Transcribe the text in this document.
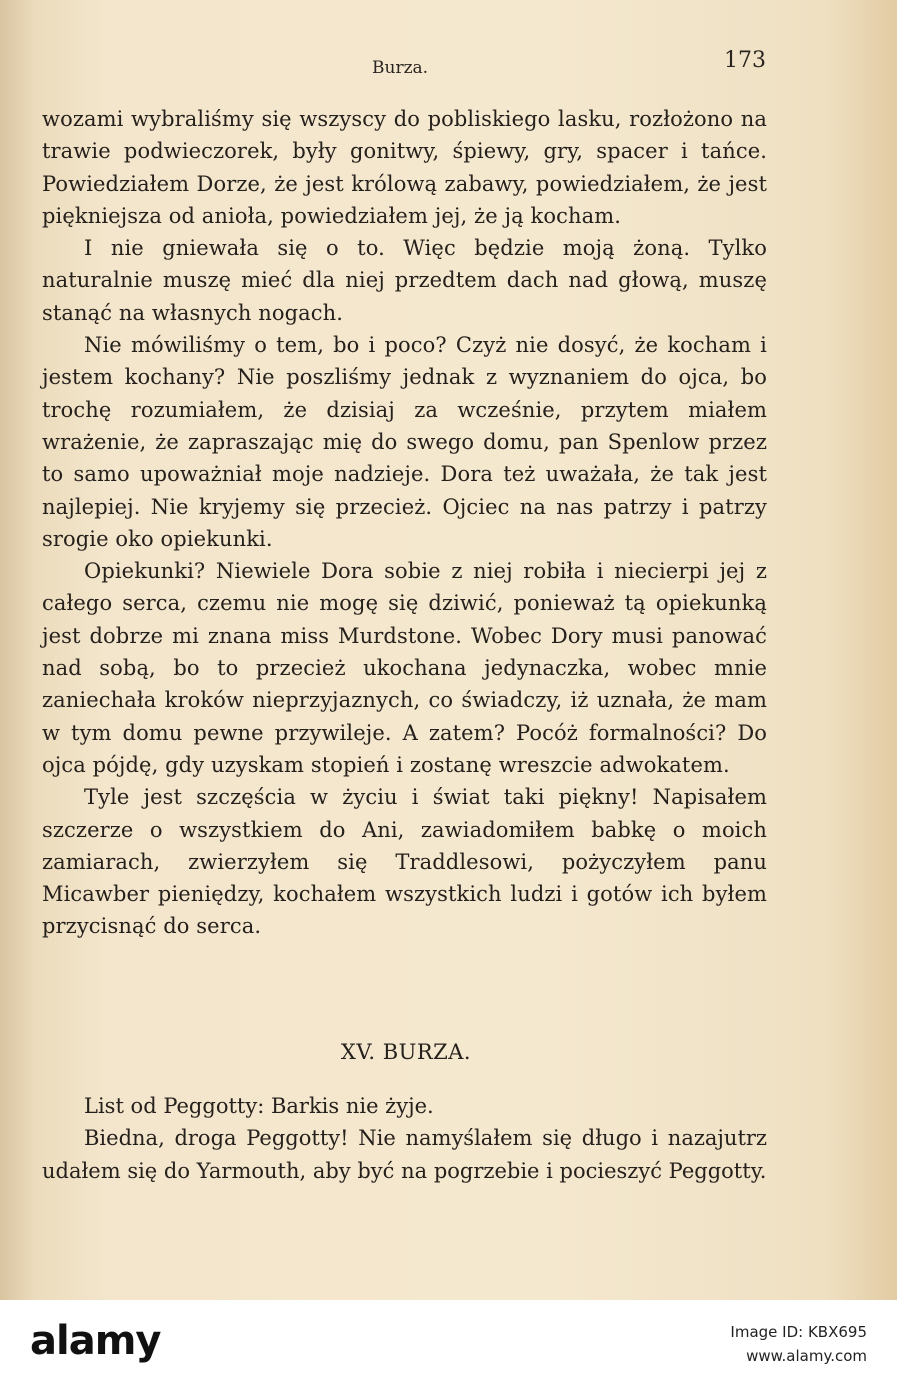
Burza.	173

wozami wybraliśmy się wszyscy do pobliskiego lasku, rozłożono na trawie podwieczorek, były gonitwy, śpiewy, gry, spacer i tańce. Powiedziałem Dorze, że jest królową zabawy, powiedziałem, że jest piękniejsza od anioła, powiedziałem jej, że ją kocham.

I nie gniewała się o to. Więc będzie moją żoną. Tylko naturalnie muszę mieć dla niej przedtem dach nad głową, muszę stanąć na własnych nogach.

Nie mówiliśmy o tem, bo i poco? Czyż nie dosyć, że kocham i jestem kochany? Nie poszliśmy jednak z wyznaniem do ojca, bo trochę rozumiałem, że dzisiaj za wcześnie, przytem miałem wrażenie, że zapraszając mię do swego domu, pan Spenlow przez to samo upoważniał moje nadzieje. Dora też uważała, że tak jest najlepiej. Nie kryjemy się przecież. Ojciec na nas patrzy i patrzy srogie oko opiekunki.

Opiekunki? Niewiele Dora sobie z niej robiła i niecierpi jej z całego serca, czemu nie mogę się dziwić, ponieważ tą opiekunką jest dobrze mi znana miss Murdstone. Wobec Dory musi panować nad sobą, bo to przecież ukochana jedynaczka, wobec mnie zaniechała kroków nieprzyjaznych, co świadczy, iż uznała, że mam w tym domu pewne przywileje. A zatem? Pocóż formalności? Do ojca pójdę, gdy uzyskam stopień i zostanę wreszcie adwokatem.

Tyle jest szczęścia w życiu i świat taki piękny! Napisałem szczerze o wszystkiem do Ani, zawiadomiłem babkę o moich zamiarach, zwierzyłem się Traddlesowi, pożyczyłem panu Micawber pieniędzy, kochałem wszystkich ludzi i gotów ich byłem przycisnąć do serca.

XV. BURZA.

List od Peggotty: Barkis nie żyje.

Biedna, droga Peggotty! Nie namyślałem się długo i nazajutrz udałem się do Yarmouth, aby być na pogrzebie i pocieszyć Peggotty.

alamy	Image ID: KBX695
www.alamy.com
